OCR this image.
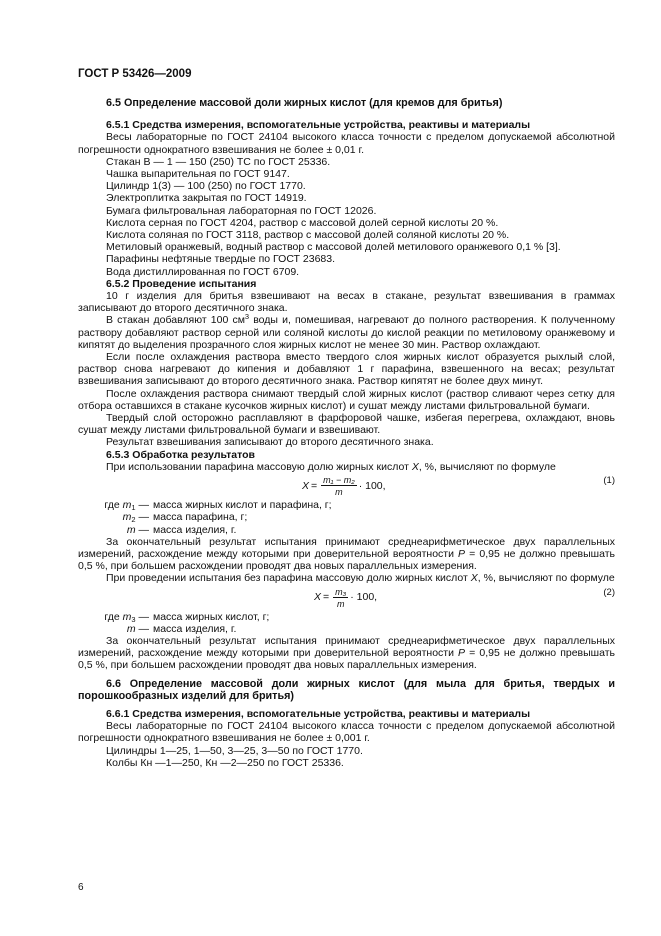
ГОСТ Р 53426—2009
6.5 Определение массовой доли жирных кислот (для кремов для бритья)

6.5.1 Средства измерения, вспомогательные устройства, реактивы и материалы

Весы лабораторные по ГОСТ 24104 высокого класса точности с пределом допускаемой абсолютной погрешности однократного взвешивания не более ± 0,01 г.

Стакан В — 1 — 150 (250) ТС по ГОСТ 25336.

Чашка выпарительная по ГОСТ 9147.

Цилиндр 1(3) — 100 (250) по ГОСТ 1770.

Электроплитка закрытая по ГОСТ 14919.

Бумага фильтровальная лабораторная по ГОСТ 12026.

Кислота серная по ГОСТ 4204, раствор с массовой долей серной кислоты 20 %.

Кислота соляная по ГОСТ 3118, раствор с массовой долей соляной кислоты 20 %.

Метиловый оранжевый, водный раствор с массовой долей метилового оранжевого 0,1 % [3].

Парафины нефтяные твердые по ГОСТ 23683.

Вода дистиллированная по ГОСТ 6709.

6.5.2 Проведение испытания

10 г изделия для бритья взвешивают на весах в стакане, результат взвешивания в граммах записывают до второго десятичного знака.

В стакан добавляют 100 $см^3$ воды и, помешивая, нагревают до полного растворения. К полученному раствору добавляют раствор серной или соляной кислоты до кислой реакции по метиловому оранжевому и кипятят до выделения прозрачного слоя жирных кислот не менее 30 мин. Раствор охлаждают.

Если после охлаждения раствора вместо твердого слоя жирных кислот образуется рыхлый слой, раствор снова нагревают до кипения и добавляют 1 г парафина, взвешенного на весах; результат взвешивания записывают до второго десятичного знака. Раствор кипятят не более двух минут.

После охлаждения раствора снимают твердый слой жирных кислот (раствор сливают через сетку для отбора оставшихся в стакане кусочков жирных кислот) и сушат между листами фильтровальной бумаги.

Твердый слой осторожно расплавляют в фарфоровой чашке, избегая перегрева, охлаждают, вновь сушат между листами фильтровальной бумаги и взвешивают.

Результат взвешивания записывают до второго десятичного знака.

6.5.3 Обработка результатов

При использовании парафина массовую долю жирных кислот X, %, вычисляют по формуле

$X = \frac{\text{m₁ − m₂}}{m} \cdot 100$,	(1)
где $m_1$ — масса жирных кислот и парафина, г;
$m_2$ — масса парафина, г;
m — масса изделия, г.

За окончательный результат испытания принимают среднеарифметическое двух параллельных измерений, расхождение между которыми при доверительной вероятности Р = 0,95 не должно превышать 0,5 %, при большем расхождении проводят два новых параллельных измерения.

При проведении испытания без парафина массовую долю жирных кислот X, %, вычисляют по формуле

$X = \frac{\text{m₃}}{m} \cdot 100$,	(2)
где $m_3$ — масса жирных кислот, г;
m — масса изделия, г.

За окончательный результат испытания принимают среднеарифметическое двух параллельных измерений, расхождение между которыми при доверительной вероятности Р = 0,95 не должно превышать 0,5 %, при большем расхождении проводят два новых параллельных измерения.

6.6 Определение массовой доли жирных кислот (для мыла для бритья, твердых и порошкообразных изделий для бритья)

6.6.1 Средства измерения, вспомогательные устройства, реактивы и материалы

Весы лабораторные по ГОСТ 24104 высокого класса точности с пределом допускаемой абсолютной погрешности однократного взвешивания не более ± 0,001 г.

Цилиндры 1—25, 1—50, 3—25, 3—50 по ГОСТ 1770.

Колбы Кн —1—250, Кн —2—250 по ГОСТ 25336.

6
